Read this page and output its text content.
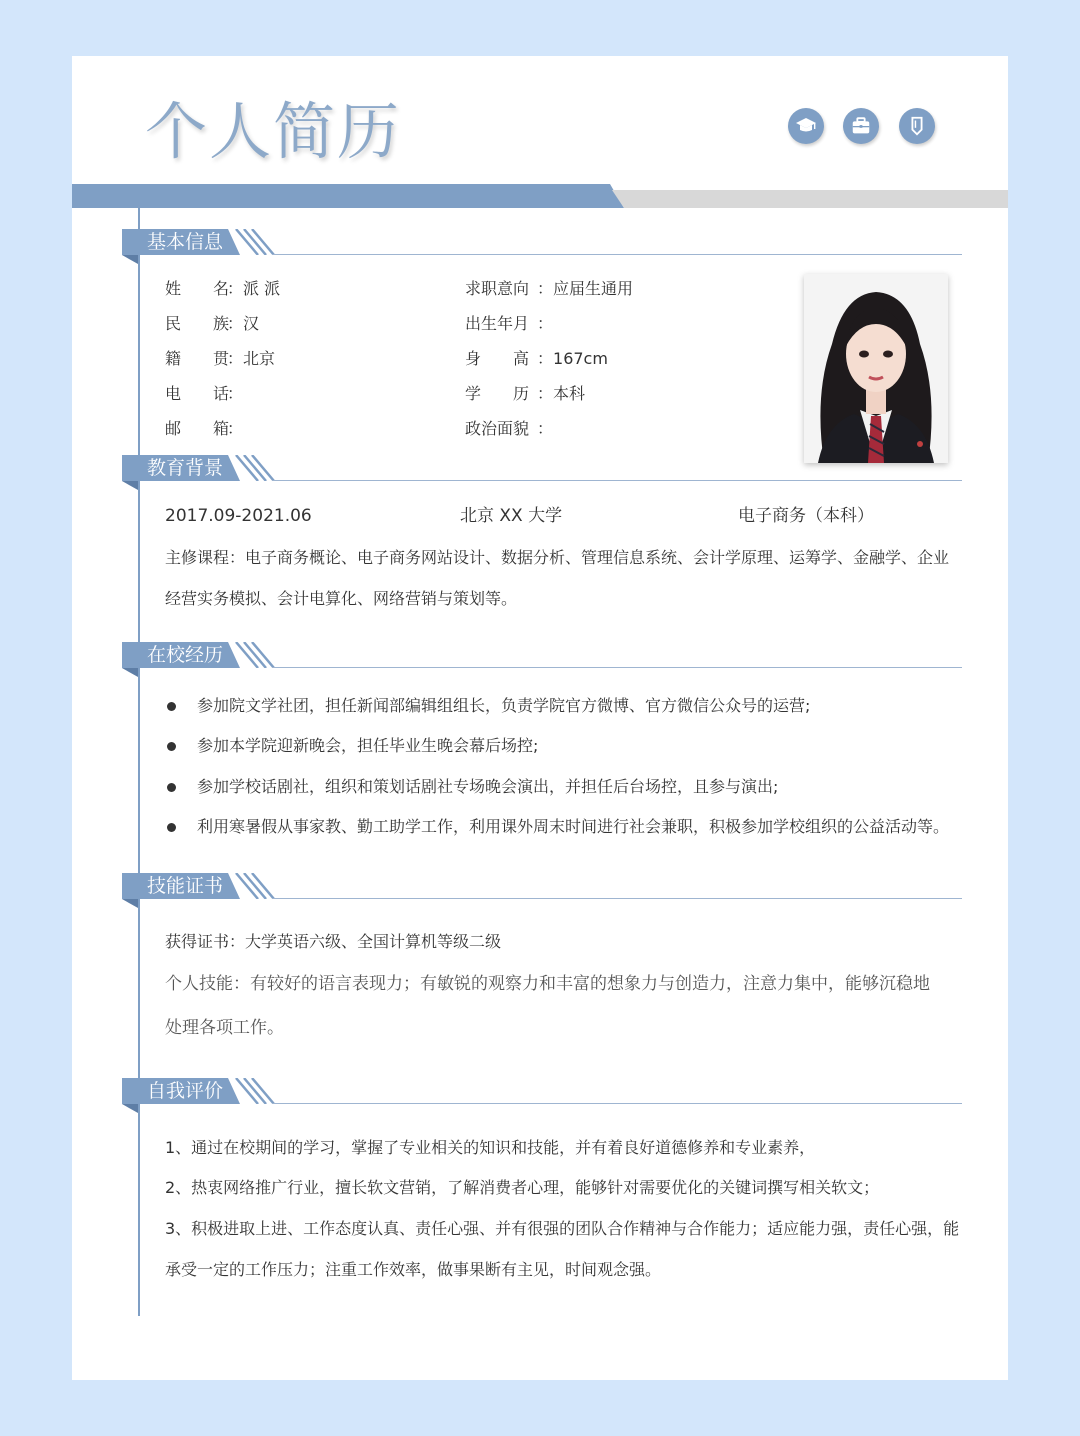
个人简历
基本信息
姓　　名：派 派
民　　族：汉
籍　　贯：北京
电　　话：
邮　　箱：
求职意向 ：应届生通用
出生年月 ：
身　　高 ：167cm
学　　历 ：本科
政治面貌 ：
教育背景
2017.09-2021.06	北京 XX 大学	电子商务（本科）
主修课程：电子商务概论、电子商务网站设计、数据分析、管理信息系统、会计学原理、运筹学、金融学、企业
经营实务模拟、会计电算化、网络营销与策划等。
在校经历
参加院文学社团，担任新闻部编辑组组长，负责学院官方微博、官方微信公众号的运营;
参加本学院迎新晚会，担任毕业生晚会幕后场控;
参加学校话剧社，组织和策划话剧社专场晚会演出，并担任后台场控，且参与演出;
利用寒暑假从事家教、勤工助学工作，利用课外周末时间进行社会兼职，积极参加学校组织的公益活动等。
技能证书
获得证书：大学英语六级、全国计算机等级二级
个人技能：有较好的语言表现力；有敏锐的观察力和丰富的想象力与创造力，注意力集中，能够沉稳地
处理各项工作。
自我评价
1、通过在校期间的学习，掌握了专业相关的知识和技能，并有着良好道德修养和专业素养，
2、热衷网络推广行业，擅长软文营销，了解消费者心理，能够针对需要优化的关键词撰写相关软文；
3、积极进取上进、工作态度认真、责任心强、并有很强的团队合作精神与合作能力；适应能力强，责任心强，能
承受一定的工作压力；注重工作效率，做事果断有主见，时间观念强。
